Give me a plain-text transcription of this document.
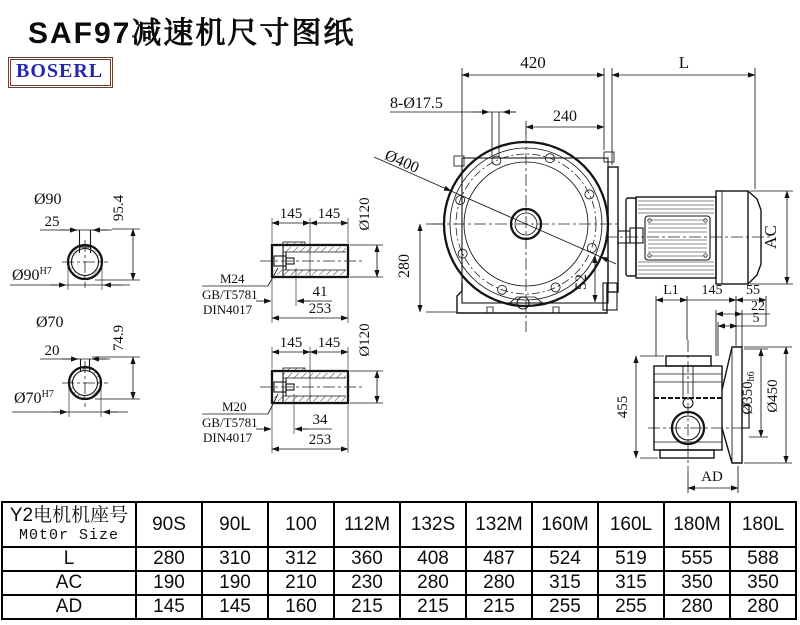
SAF97减速机尺寸图纸
BOSERL
Ø90
25
95.4
$Ø90^{H7}$
Ø70
20	74.9
$Ø70^{H7}$
145 145 Ø120
M24
GB/T5781
DIN4017
41
253
145 145 Ø120
M20
GB/T5781
DIN4017
34
253
420	L
8-Ø17.5
240
Ø400
280
52
AC
L1 145 55
22
5
455	Ø350h6
Ø450
AD
Y2电机机座号
M0t0r Size	90S	90L	100	112M	132S	132M	160M	160L	180M	180L
L	280	310	312	360	408	487	524	519	555	588
AC	190	190	210	230	280	280	315	315	350	350
AD	145	145	160	215	215	215	255	255	280	280
